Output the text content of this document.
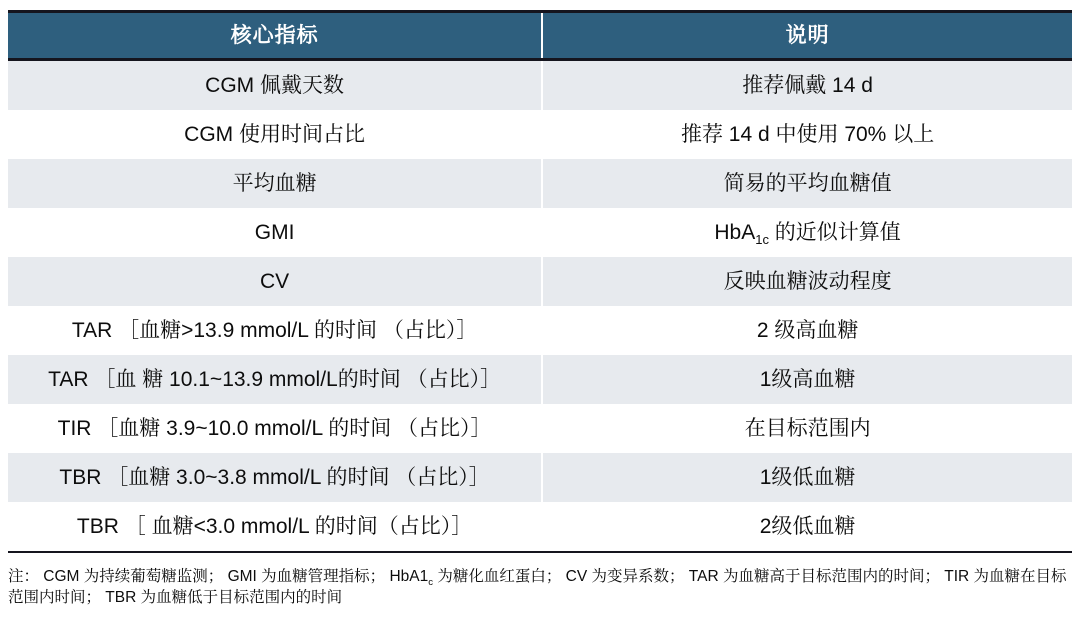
核心指标	说明
CGM 佩戴天数	推荐佩戴 14 d
CGM 使用时间占比	推荐 14 d 中使用 70% 以上
平均血糖	简易的平均血糖值
GMI	HbA$_{1c}$ 的近似计算值
CV	反映血糖波动程度
TAR ［血糖>13.9 mmol/L 的时间 （占比）］	2 级高血糖
TAR ［血 糖 10.1~13.9 mmol/L的时间 （占比）］	1级高血糖
TIR ［血糖 3.9~10.0 mmol/L 的时间 （占比）］	在目标范围内
TBR ［血糖 3.0~3.8 mmol/L 的时间 （占比）］	1级低血糖
TBR ［ 血糖<3.0 mmol/L 的时间（占比）］	2级低血糖

注： CGM 为持续葡萄糖监测； GMI 为血糖管理指标； $HbA1_c$ 为糖化血红蛋白； CV 为变异系数； TAR 为血糖高于目标范围内的时间； TIR 为血糖在目标范围内时间； TBR 为血糖低于目标范围内的时间
